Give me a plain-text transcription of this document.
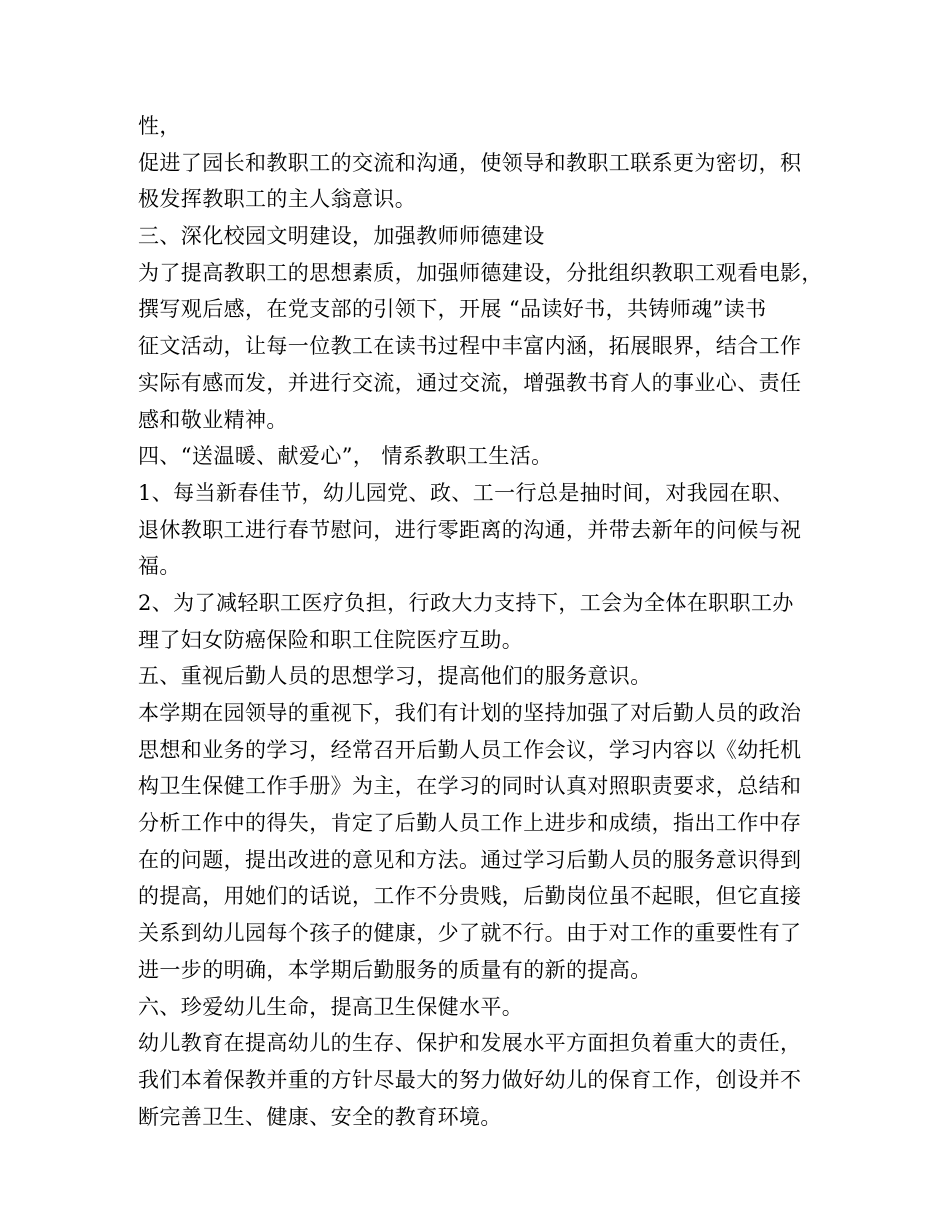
性，

促进了园长和教职工的交流和沟通，使领导和教职工联系更为密切，积

极发挥教职工的主人翁意识。

三、深化校园文明建设，加强教师师德建设

为了提高教职工的思想素质，加强师德建设，分批组织教职工观看电影，

撰写观后感，在党支部的引领下，开展 “品读好书，共铸师魂”读书

征文活动，让每一位教工在读书过程中丰富内涵，拓展眼界，结合工作

实际有感而发，并进行交流，通过交流，增强教书育人的事业心、责任

感和敬业精神。

四、“送温暖、献爱心”， 情系教职工生活。

1、每当新春佳节，幼儿园党、政、工一行总是抽时间，对我园在职、

退休教职工进行春节慰问，进行零距离的沟通，并带去新年的问候与祝

福。

2、为了减轻职工医疗负担，行政大力支持下，工会为全体在职职工办

理了妇女防癌保险和职工住院医疗互助。

五、重视后勤人员的思想学习，提高他们的服务意识。

本学期在园领导的重视下，我们有计划的坚持加强了对后勤人员的政治

思想和业务的学习，经常召开后勤人员工作会议，学习内容以《幼托机

构卫生保健工作手册》为主，在学习的同时认真对照职责要求，总结和

分析工作中的得失，肯定了后勤人员工作上进步和成绩，指出工作中存

在的问题，提出改进的意见和方法。通过学习后勤人员的服务意识得到

的提高，用她们的话说，工作不分贵贱，后勤岗位虽不起眼，但它直接

关系到幼儿园每个孩子的健康，少了就不行。由于对工作的重要性有了

进一步的明确，本学期后勤服务的质量有的新的提高。

六、珍爱幼儿生命，提高卫生保健水平。

幼儿教育在提高幼儿的生存、保护和发展水平方面担负着重大的责任，

我们本着保教并重的方针尽最大的努力做好幼儿的保育工作，创设并不

断完善卫生、健康、安全的教育环境。
